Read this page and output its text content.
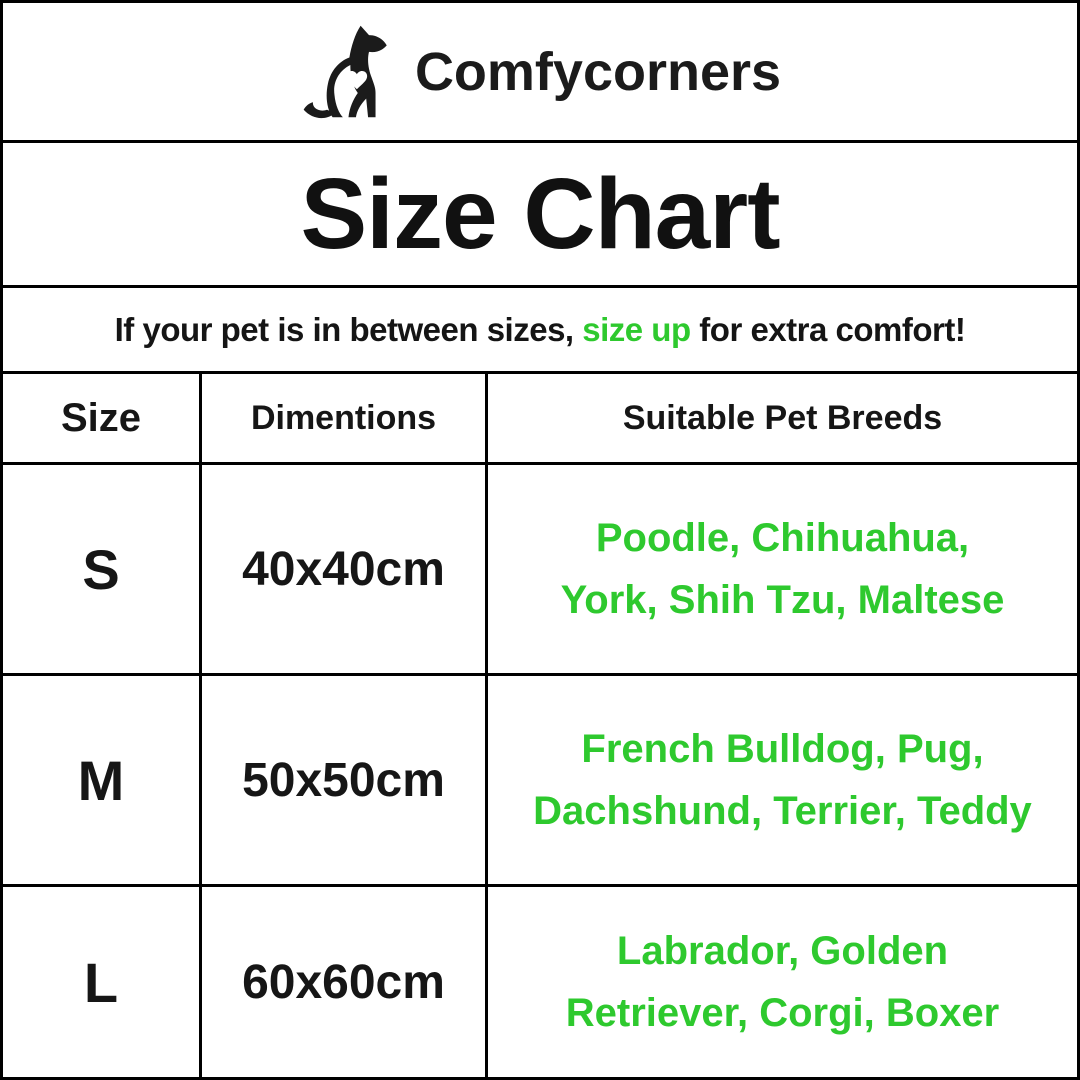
Comfycorners
Size Chart

If your pet is in between sizes, size up for extra comfort!

Size	Dimentions	Suitable Pet Breeds
S	40x40cm
Poodle, Chihuahua,
York, Shih Tzu, Maltese
M	50x50cm
French Bulldog, Pug,
Dachshund, Terrier, Teddy
L	60x60cm
Labrador, Golden
Retriever, Corgi, Boxer
